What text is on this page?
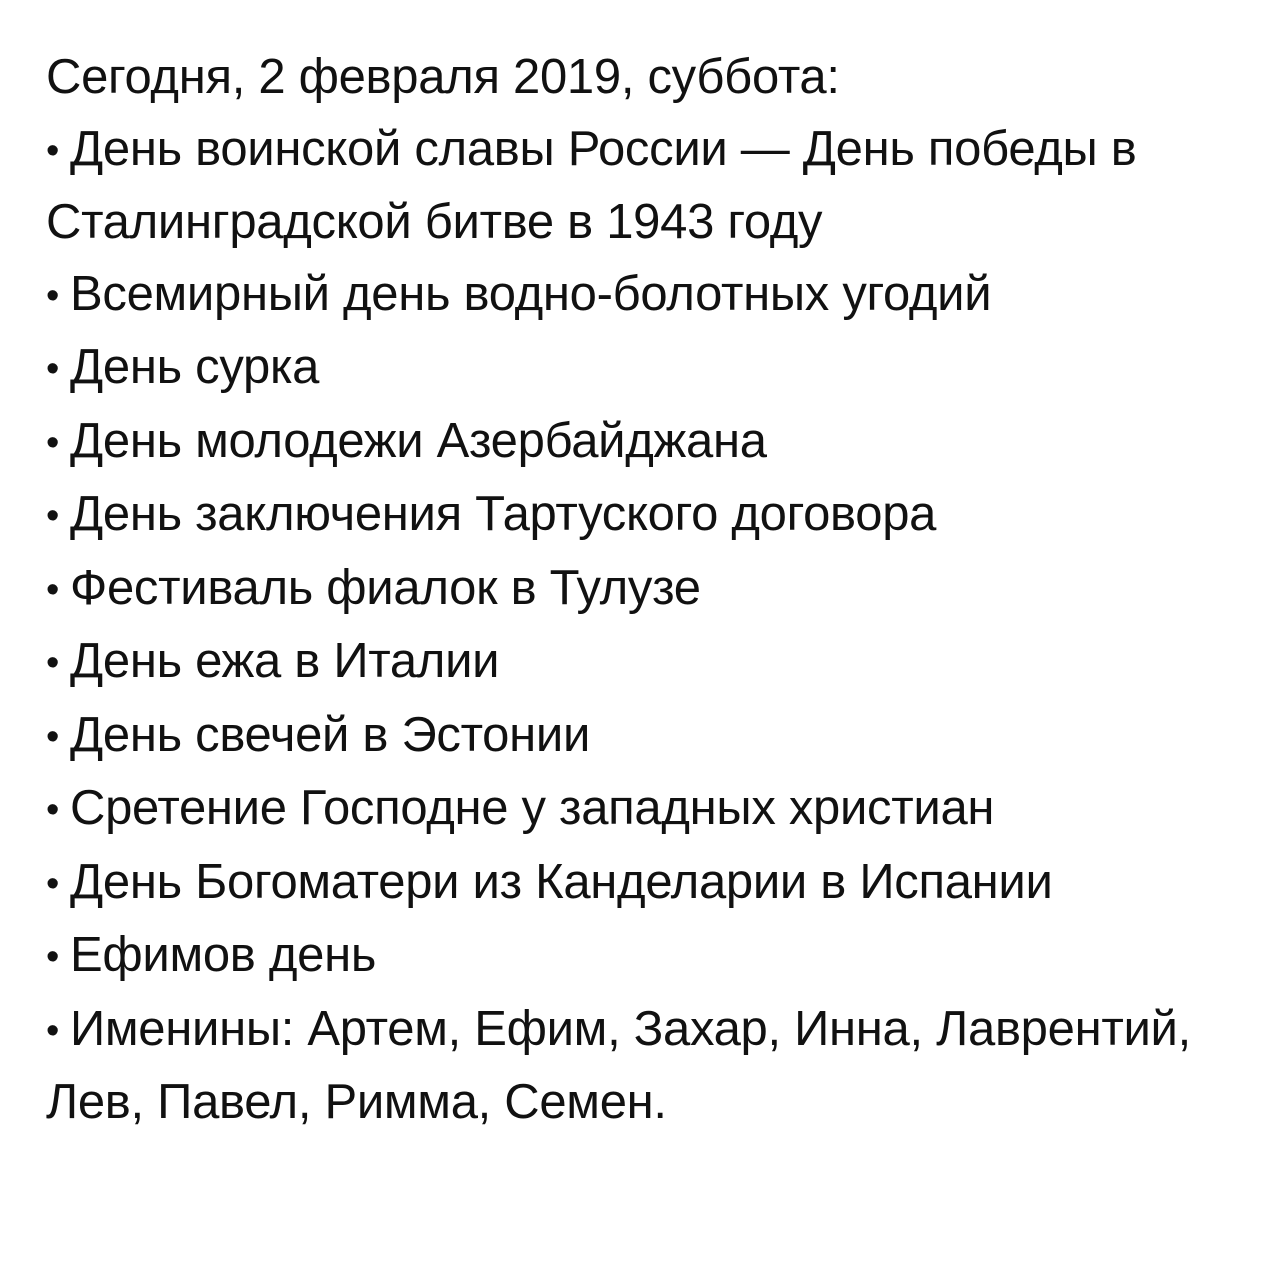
Сегодня, 2 февраля 2019, суббота:
• День воинской славы России — День победы в Сталинградской битве в 1943 году
• Всемирный день водно-болотных угодий
• День сурка
• День молодежи Азербайджана
• День заключения Тартуского договора
• Фестиваль фиалок в Тулузе
• День ежа в Италии
• День свечей в Эстонии
• Сретение Господне у западных христиан
• День Богоматери из Канделарии в Испании
• Ефимов день
• Именины: Артем, Ефим, Захар, Инна, Лаврентий, Лев, Павел, Римма, Семен.
